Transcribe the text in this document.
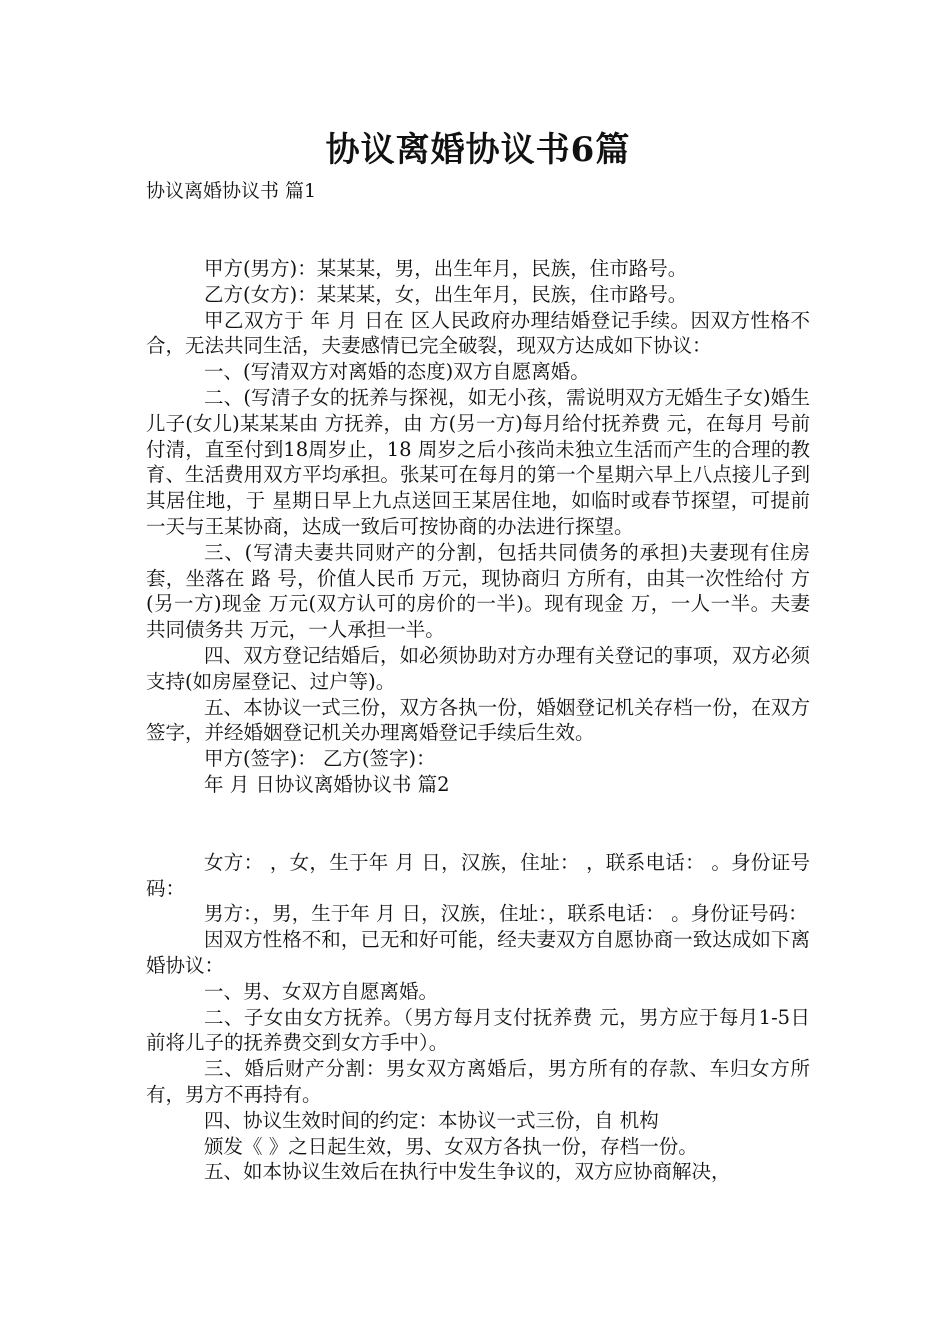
协议离婚协议书6篇

协议离婚协议书 篇1

甲方(男方)：某某某，男，出生年月，民族，住市路号。

乙方(女方)：某某某，女，出生年月，民族，住市路号。

甲乙双方于 年 月 日在 区人民政府办理结婚登记手续。因双方性格不合，无法共同生活，夫妻感情已完全破裂，现双方达成如下协议：

一、(写清双方对离婚的态度)双方自愿离婚。

二、(写清子女的抚养与探视，如无小孩，需说明双方无婚生子女)婚生儿子(女儿)某某某由 方抚养，由 方(另一方)每月给付抚养费 元，在每月 号前付清，直至付到18周岁止，18 周岁之后小孩尚未独立生活而产生的合理的教育、生活费用双方平均承担。张某可在每月的第一个星期六早上八点接儿子到其居住地，于 星期日早上九点送回王某居住地，如临时或春节探望，可提前一天与王某协商，达成一致后可按协商的办法进行探望。

三、(写清夫妻共同财产的分割，包括共同债务的承担)夫妻现有住房 套，坐落在 路 号，价值人民币 万元，现协商归 方所有，由其一次性给付 方(另一方)现金 万元(双方认可的房价的一半)。现有现金 万，一人一半。夫妻共同债务共 万元，一人承担一半。

四、双方登记结婚后，如必须协助对方办理有关登记的事项，双方必须支持(如房屋登记、过户等)。

五、本协议一式三份，双方各执一份，婚姻登记机关存档一份，在双方签字，并经婚姻登记机关办理离婚登记手续后生效。

甲方(签字)： 乙方(签字)：

年 月 日协议离婚协议书 篇2

女方： ，女，生于年 月 日，汉族，住址： ，联系电话： 。身份证号码：

男方：，男，生于年 月 日，汉族，住址：，联系电话： 。身份证号码：

因双方性格不和，已无和好可能，经夫妻双方自愿协商一致达成如下离婚协议：

一、男、女双方自愿离婚。

二、子女由女方抚养。（男方每月支付抚养费 元，男方应于每月1-5日前将儿子的抚养费交到女方手中）。

三、婚后财产分割：男女双方离婚后，男方所有的存款、车归女方所有，男方不再持有。

四、协议生效时间的约定：本协议一式三份，自 机构

颁发《 》之日起生效，男、女双方各执一份，存档一份。

五、如本协议生效后在执行中发生争议的，双方应协商解决，
